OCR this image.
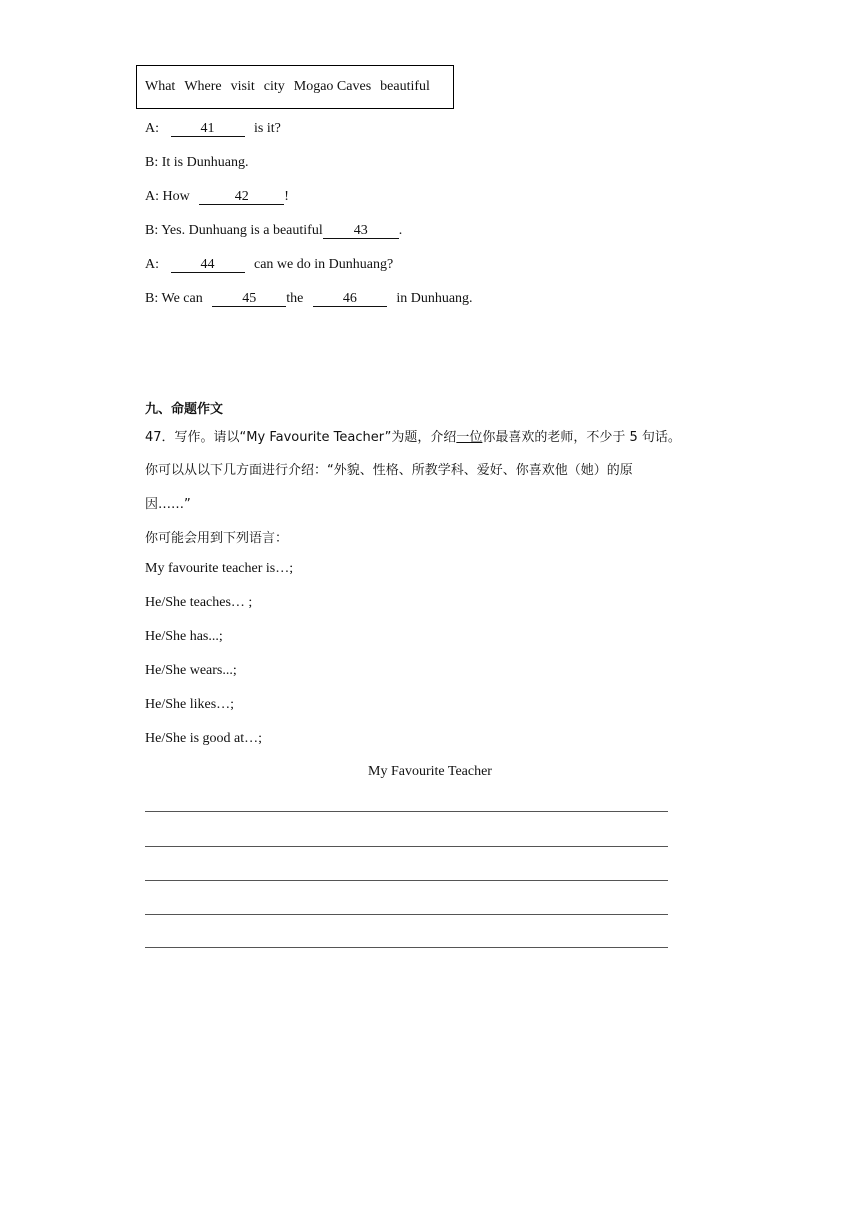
What Where visit city Mogao Caves beautiful
A:	41	is it?
B: It is Dunhuang.
A: How	42	!
B: Yes. Dunhuang is a beautiful 43 .
A:	44	can we do in Dunhuang?
B: We can	45 the	46	in Dunhuang.
九、命题作文
47．写作。请以“My Favourite Teacher”为题，介绍一位你最喜欢的老师，不少于 5 句话。
你可以从以下几方面进行介绍：“外貌、性格、所教学科、爱好、你喜欢他（她）的原
因……”
你可能会用到下列语言：
My favourite teacher is…;
He/She teaches… ;
He/She has...;
He/She wears...;
He/She likes…;
He/She is good at…;
My Favourite Teacher
